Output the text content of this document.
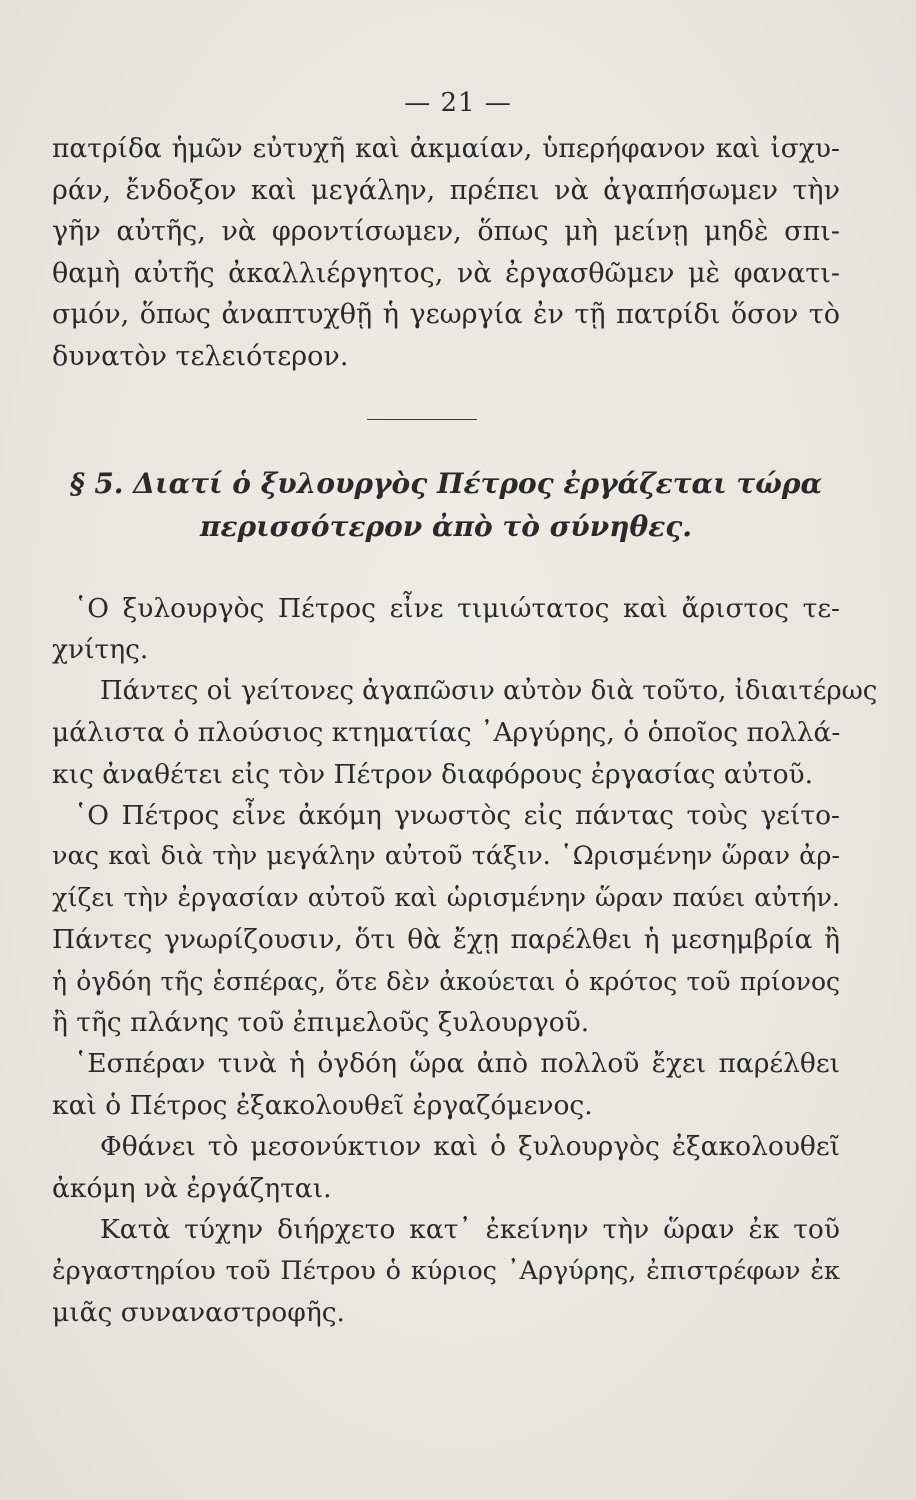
— 21 —
πατρίδα ἡμῶν εὐτυχῆ καὶ ἀκμαίαν, ὑπερήφανον καὶ ἰσχυ-
ράν, ἔνδοξον καὶ μεγάλην, πρέπει νὰ ἀγαπήσωμεν τὴν
γῆν αὐτῆς, νὰ φροντίσωμεν, ὅπως μὴ μείνῃ μηδὲ σπι-
θαμὴ αὐτῆς ἀκαλλιέργητος, νὰ ἐργασθῶμεν μὲ φανατι-
σμόν, ὅπως ἀναπτυχθῇ ἡ γεωργία ἐν τῇ πατρίδι ὅσον τὸ
δυνατὸν τελειότερον.
§ 5. Διατί ὁ ξυλουργὸς Πέτρος ἐργάζεται τώρα
περισσότερον ἀπὸ τὸ σύνηθες.
῾Ο ξυλουργὸς Πέτρος εἶνε τιμιώτατος καὶ ἄριστος τε-
χνίτης.
Πάντες οἱ γείτονες ἀγαπῶσιν αὐτὸν διὰ τοῦτο, ἰδιαιτέρως
μάλιστα ὁ πλούσιος κτηματίας ᾿Αργύρης, ὁ ὁποῖος πολλά-
κις ἀναθέτει εἰς τὸν Πέτρον διαφόρους ἐργασίας αὐτοῦ.
῾Ο Πέτρος εἶνε ἀκόμη γνωστὸς εἰς πάντας τοὺς γείτο-
νας καὶ διὰ τὴν μεγάλην αὐτοῦ τάξιν. ῾Ωρισμένην ὥραν ἀρ-
χίζει τὴν ἐργασίαν αὐτοῦ καὶ ὡρισμένην ὥραν παύει αὐτήν.
Πάντες γνωρίζουσιν, ὅτι θὰ ἔχῃ παρέλθει ἡ μεσημβρία ἢ
ἡ ὀγδόη τῆς ἑσπέρας, ὅτε δὲν ἀκούεται ὁ κρότος τοῦ πρίονος
ἢ τῆς πλάνης τοῦ ἐπιμελοῦς ξυλουργοῦ.
῾Εσπέραν τινὰ ἡ ὀγδόη ὥρα ἀπὸ πολλοῦ ἔχει παρέλθει
καὶ ὁ Πέτρος ἐξακολουθεῖ ἐργαζόμενος.
Φθάνει τὸ μεσονύκτιον καὶ ὁ ξυλουργὸς ἐξακολουθεῖ
ἀκόμη νὰ ἐργάζηται.
Κατὰ τύχην διήρχετο κατ᾿ ἐκείνην τὴν ὥραν ἐκ τοῦ
ἐργαστηρίου τοῦ Πέτρου ὁ κύριος ᾿Αργύρης, ἐπιστρέφων ἐκ
μιᾶς συναναστροφῆς.
